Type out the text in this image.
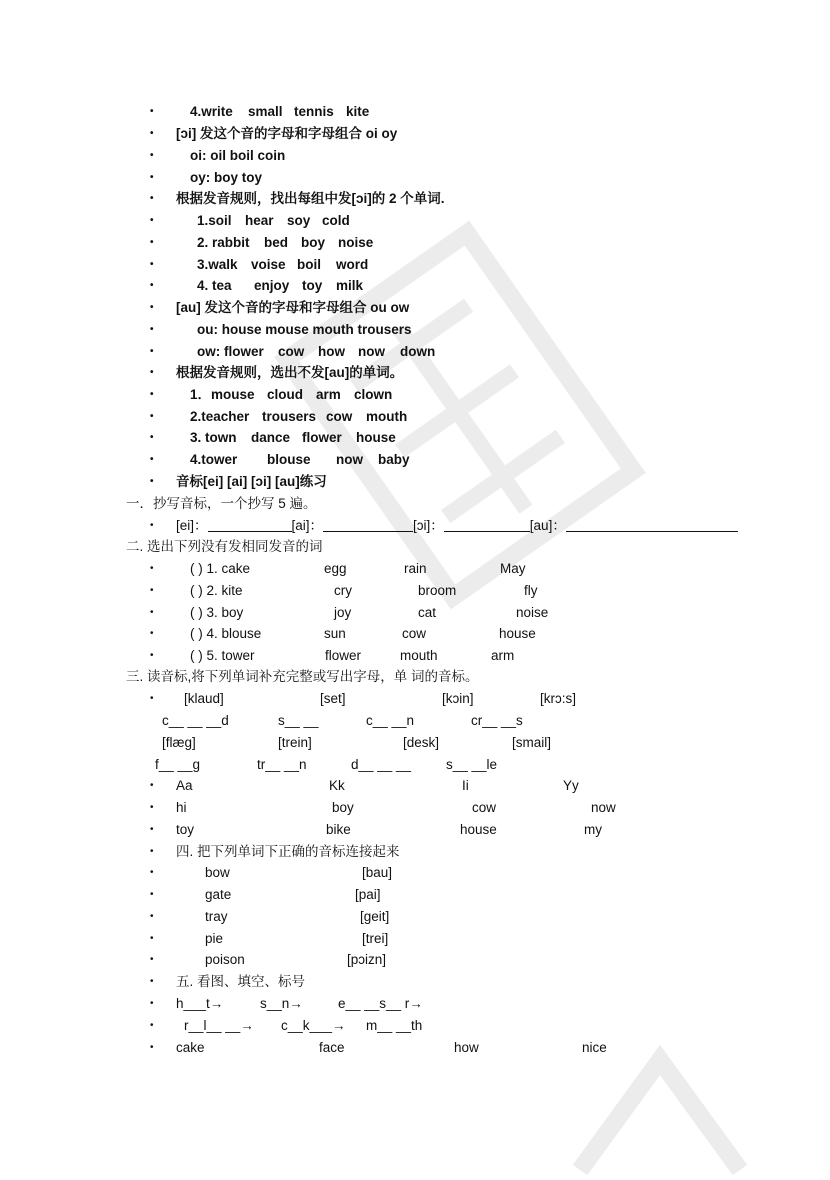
•	4.write small tennis kite
• [ɔi] 发这个音的字母和字母组合 oi oy
•	oi: oil boil coin
•	oy: boy toy
• 根据发音规则，找出每组中发[ɔi]的 2 个单词.
•	1.soil hear soy cold
•	2. rabbit bed boy noise
•	3.walk voise boil word
•	4. tea enjoy toy milk
• [au] 发这个音的字母和字母组合 ou ow
•	ou: house mouse mouth trousers
•	ow: flower cow how now down
• 根据发音规则，选出不发[au]的单词。
•	1．mouse cloud arm clown
•	2.teacher trousers cow mouth
•	3. town dance flower house
•	4.tower blouse now baby
• 音标[ei] [ai] [ɔi] [au]练习
一．抄写音标，一个抄写 5 遍。
• [ei]：	[ai]：	[ɔi]：	[au]：
二. 选出下列没有发相同发音的词
•	( ) 1. cake	egg	rain	May
•	( ) 2. kite	cry	broom	fly
•	( ) 3. boy	joy	cat	noise
•	( ) 4. blouse	sun	cow	house
•	( ) 5. tower	flower	mouth	arm
三. 读音标,将下列单词补充完整或写出字母，单 词的音标。
• [klaud]	[set]	[kɔin]	[krɔ:s]
c__ __ __d	s__ __	c__ __n	cr__ __s
[flæg]	[trein]	[desk]	[smail]
f__ __g	tr__ __n	d__ __ __	s__ __le
• Aa	Kk	Ii	Yy
• hi	boy	cow	now
• toy	bike	house	my
• 四. 把下列单词下正确的音标连接起来
•	bow	[bau]
•	gate	[pai]
•	tray	[geit]
•	pie	[trei]
•	poison	[pɔizn]
• 五. 看图、填空、标号
• h___t→	s__n→	e__ __s__ r→
• r__l__ __→ c__k___→ m__ __th
• cake	face	how	nice
